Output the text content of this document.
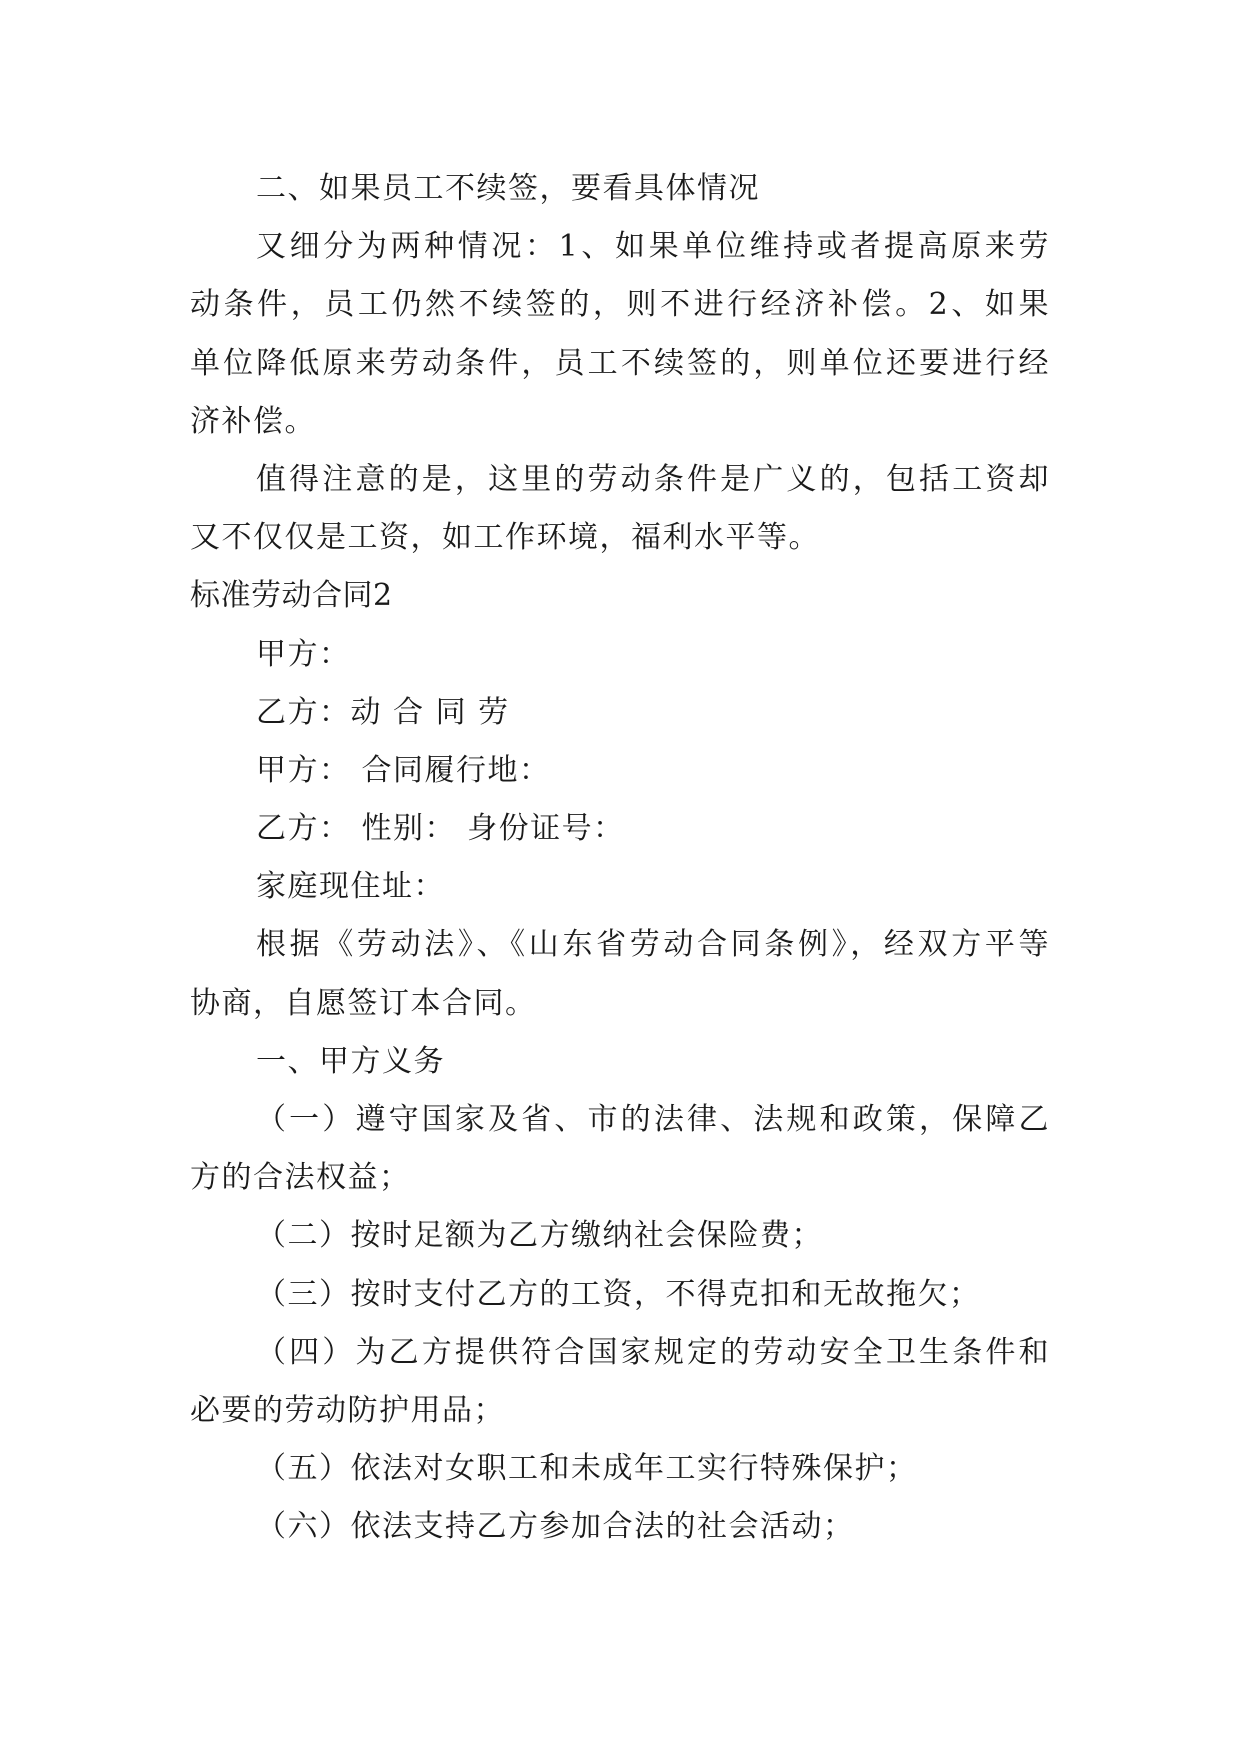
二、如果员工不续签，要看具体情况
又细分为两种情况：1、如果单位维持或者提高原来劳
动条件，员工仍然不续签的，则不进行经济补偿。2、如果
单位降低原来劳动条件，员工不续签的，则单位还要进行经
济补偿。
值得注意的是，这里的劳动条件是广义的，包括工资却
又不仅仅是工资，如工作环境，福利水平等。
标准劳动合同2
甲方：
乙方：动 合 同 劳
甲方： 合同履行地：
乙方： 性别： 身份证号：
家庭现住址：
根据《劳动法》、《山东省劳动合同条例》，经双方平等
协商，自愿签订本合同。
一、甲方义务
（一）遵守国家及省、市的法律、法规和政策，保障乙
方的合法权益；
（二）按时足额为乙方缴纳社会保险费；
（三）按时支付乙方的工资，不得克扣和无故拖欠；
（四）为乙方提供符合国家规定的劳动安全卫生条件和
必要的劳动防护用品；
（五）依法对女职工和未成年工实行特殊保护；
（六）依法支持乙方参加合法的社会活动；
